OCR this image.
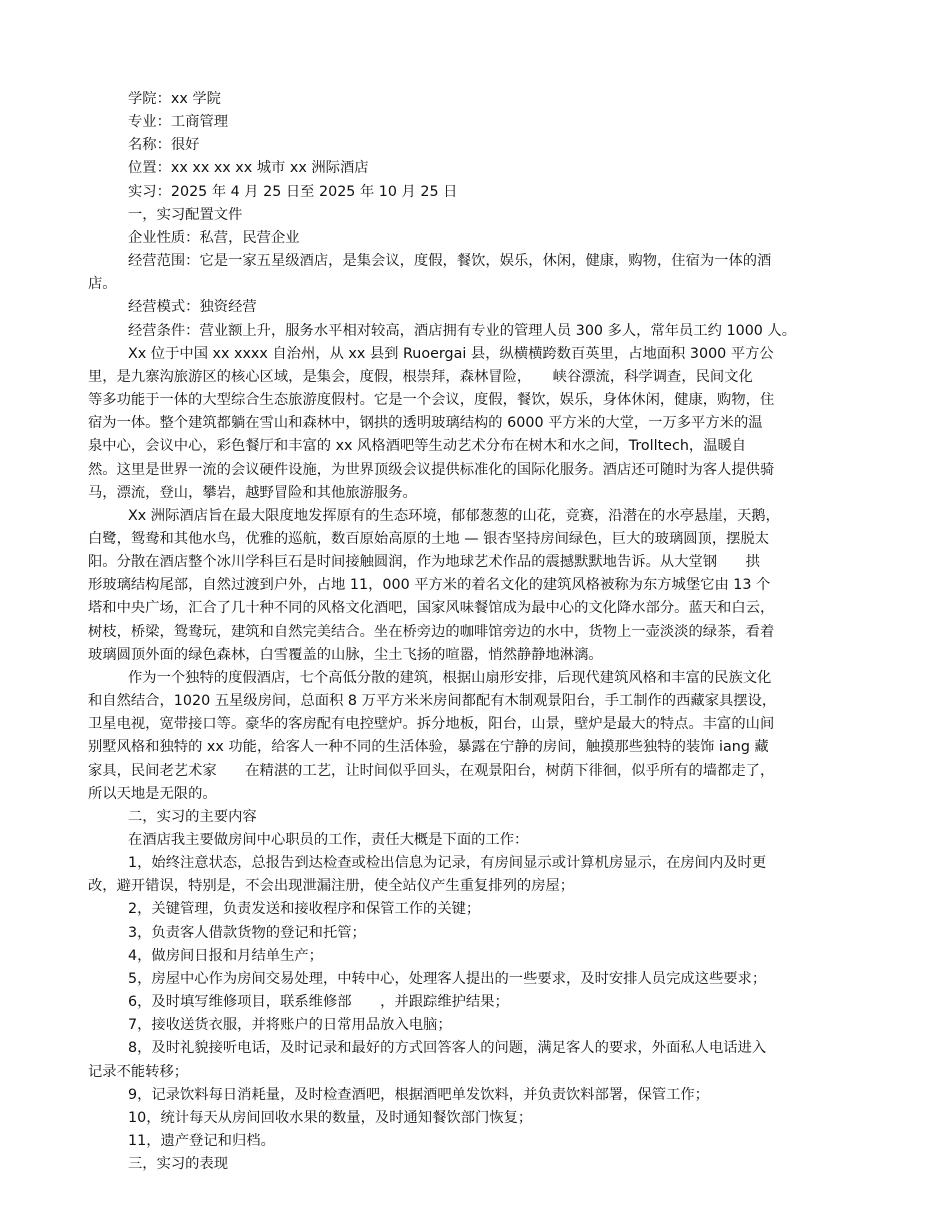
学院：xx 学院

专业：工商管理

名称：很好

位置：xx xx xx xx 城市 xx 洲际酒店

实习：2025 年 4 月 25 日至 2025 年 10 月 25 日

一，实习配置文件

企业性质：私营，民营企业

经营范围：它是一家五星级酒店，是集会议，度假，餐饮，娱乐，休闲，健康，购物，住宿为一体的酒

店。

经营模式：独资经营

经营条件：营业额上升，服务水平相对较高，酒店拥有专业的管理人员 300 多人，常年员工约 1000 人。

Xx 位于中国 xx xxxx 自治州，从 xx 县到 Ruoergai 县，纵横横跨数百英里，占地面积 3000 平方公

里，是九寨沟旅游区的核心区域，是集会，度假，根崇拜，森林冒险，　　峡谷漂流，科学调查，民间文化

等多功能于一体的大型综合生态旅游度假村。它是一个会议，度假，餐饮，娱乐，身体休闲，健康，购物，住

宿为一体。整个建筑都躺在雪山和森林中，钢拱的透明玻璃结构的 6000 平方米的大堂，一万多平方米的温

泉中心，会议中心，彩色餐厅和丰富的 xx 风格酒吧等生动艺术分布在树木和水之间，Trolltech，温暖自

然。这里是世界一流的会议硬件设施，为世界顶级会议提供标准化的国际化服务。酒店还可随时为客人提供骑

马，漂流，登山，攀岩，越野冒险和其他旅游服务。

Xx 洲际酒店旨在最大限度地发挥原有的生态环境，郁郁葱葱的山花，竞赛，沿潜在的水亭悬崖，天鹅，

白鹭，鸳鸯和其他水鸟，优雅的巡航，数百原始高原的土地 — 银杏坚持房间绿色，巨大的玻璃圆顶，摆脱太

阳。分散在酒店整个冰川学科巨石是时间接触圆润，作为地球艺术作品的震撼默默地告诉。从大堂钢　　拱

形玻璃结构尾部，自然过渡到户外，占地 11，000 平方米的着名文化的建筑风格被称为东方城堡它由 13 个

塔和中央广场，汇合了几十种不同的风格文化酒吧，国家风味餐馆成为最中心的文化降水部分。蓝天和白云，

树枝，桥梁，鸳鸯玩，建筑和自然完美结合。坐在桥旁边的咖啡馆旁边的水中，货物上一壶淡淡的绿茶，看着

玻璃圆顶外面的绿色森林，白雪覆盖的山脉，尘土飞扬的喧嚣，悄然静静地淋漓。

作为一个独特的度假酒店，七个高低分散的建筑，根据山扇形安排，后现代建筑风格和丰富的民族文化

和自然结合，1020 五星级房间，总面积 8 万平方米米房间都配有木制观景阳台，手工制作的西藏家具摆设，

卫星电视，宽带接口等。豪华的客房配有电控壁炉。拆分地板，阳台，山景，壁炉是最大的特点。丰富的山间

别墅风格和独特的 xx 功能，给客人一种不同的生活体验，暴露在宁静的房间，触摸那些独特的装饰 iang 藏

家具，民间老艺术家　　在精湛的工艺，让时间似乎回头，在观景阳台，树荫下徘徊，似乎所有的墙都走了，

所以天地是无限的。

二，实习的主要内容

在酒店我主要做房间中心职员的工作，责任大概是下面的工作：

1，始终注意状态，总报告到达检查或检出信息为记录，有房间显示或计算机房显示，在房间内及时更

改，避开错误，特别是，不会出现泄漏注册，使全站仪产生重复排列的房屋；

2，关键管理，负责发送和接收程序和保管工作的关键；

3，负责客人借款货物的登记和托管；

4，做房间日报和月结单生产；

5，房屋中心作为房间交易处理，中转中心，处理客人提出的一些要求，及时安排人员完成这些要求；

6，及时填写维修项目，联系维修部　　，并跟踪维护结果；

7，接收送货衣服，并将账户的日常用品放入电脑；

8，及时礼貌接听电话，及时记录和最好的方式回答客人的问题，满足客人的要求，外面私人电话进入

记录不能转移；

9，记录饮料每日消耗量，及时检查酒吧，根据酒吧单发饮料，并负责饮料部署，保管工作；

10，统计每天从房间回收水果的数量，及时通知餐饮部门恢复；

11，遗产登记和归档。

三，实习的表现
